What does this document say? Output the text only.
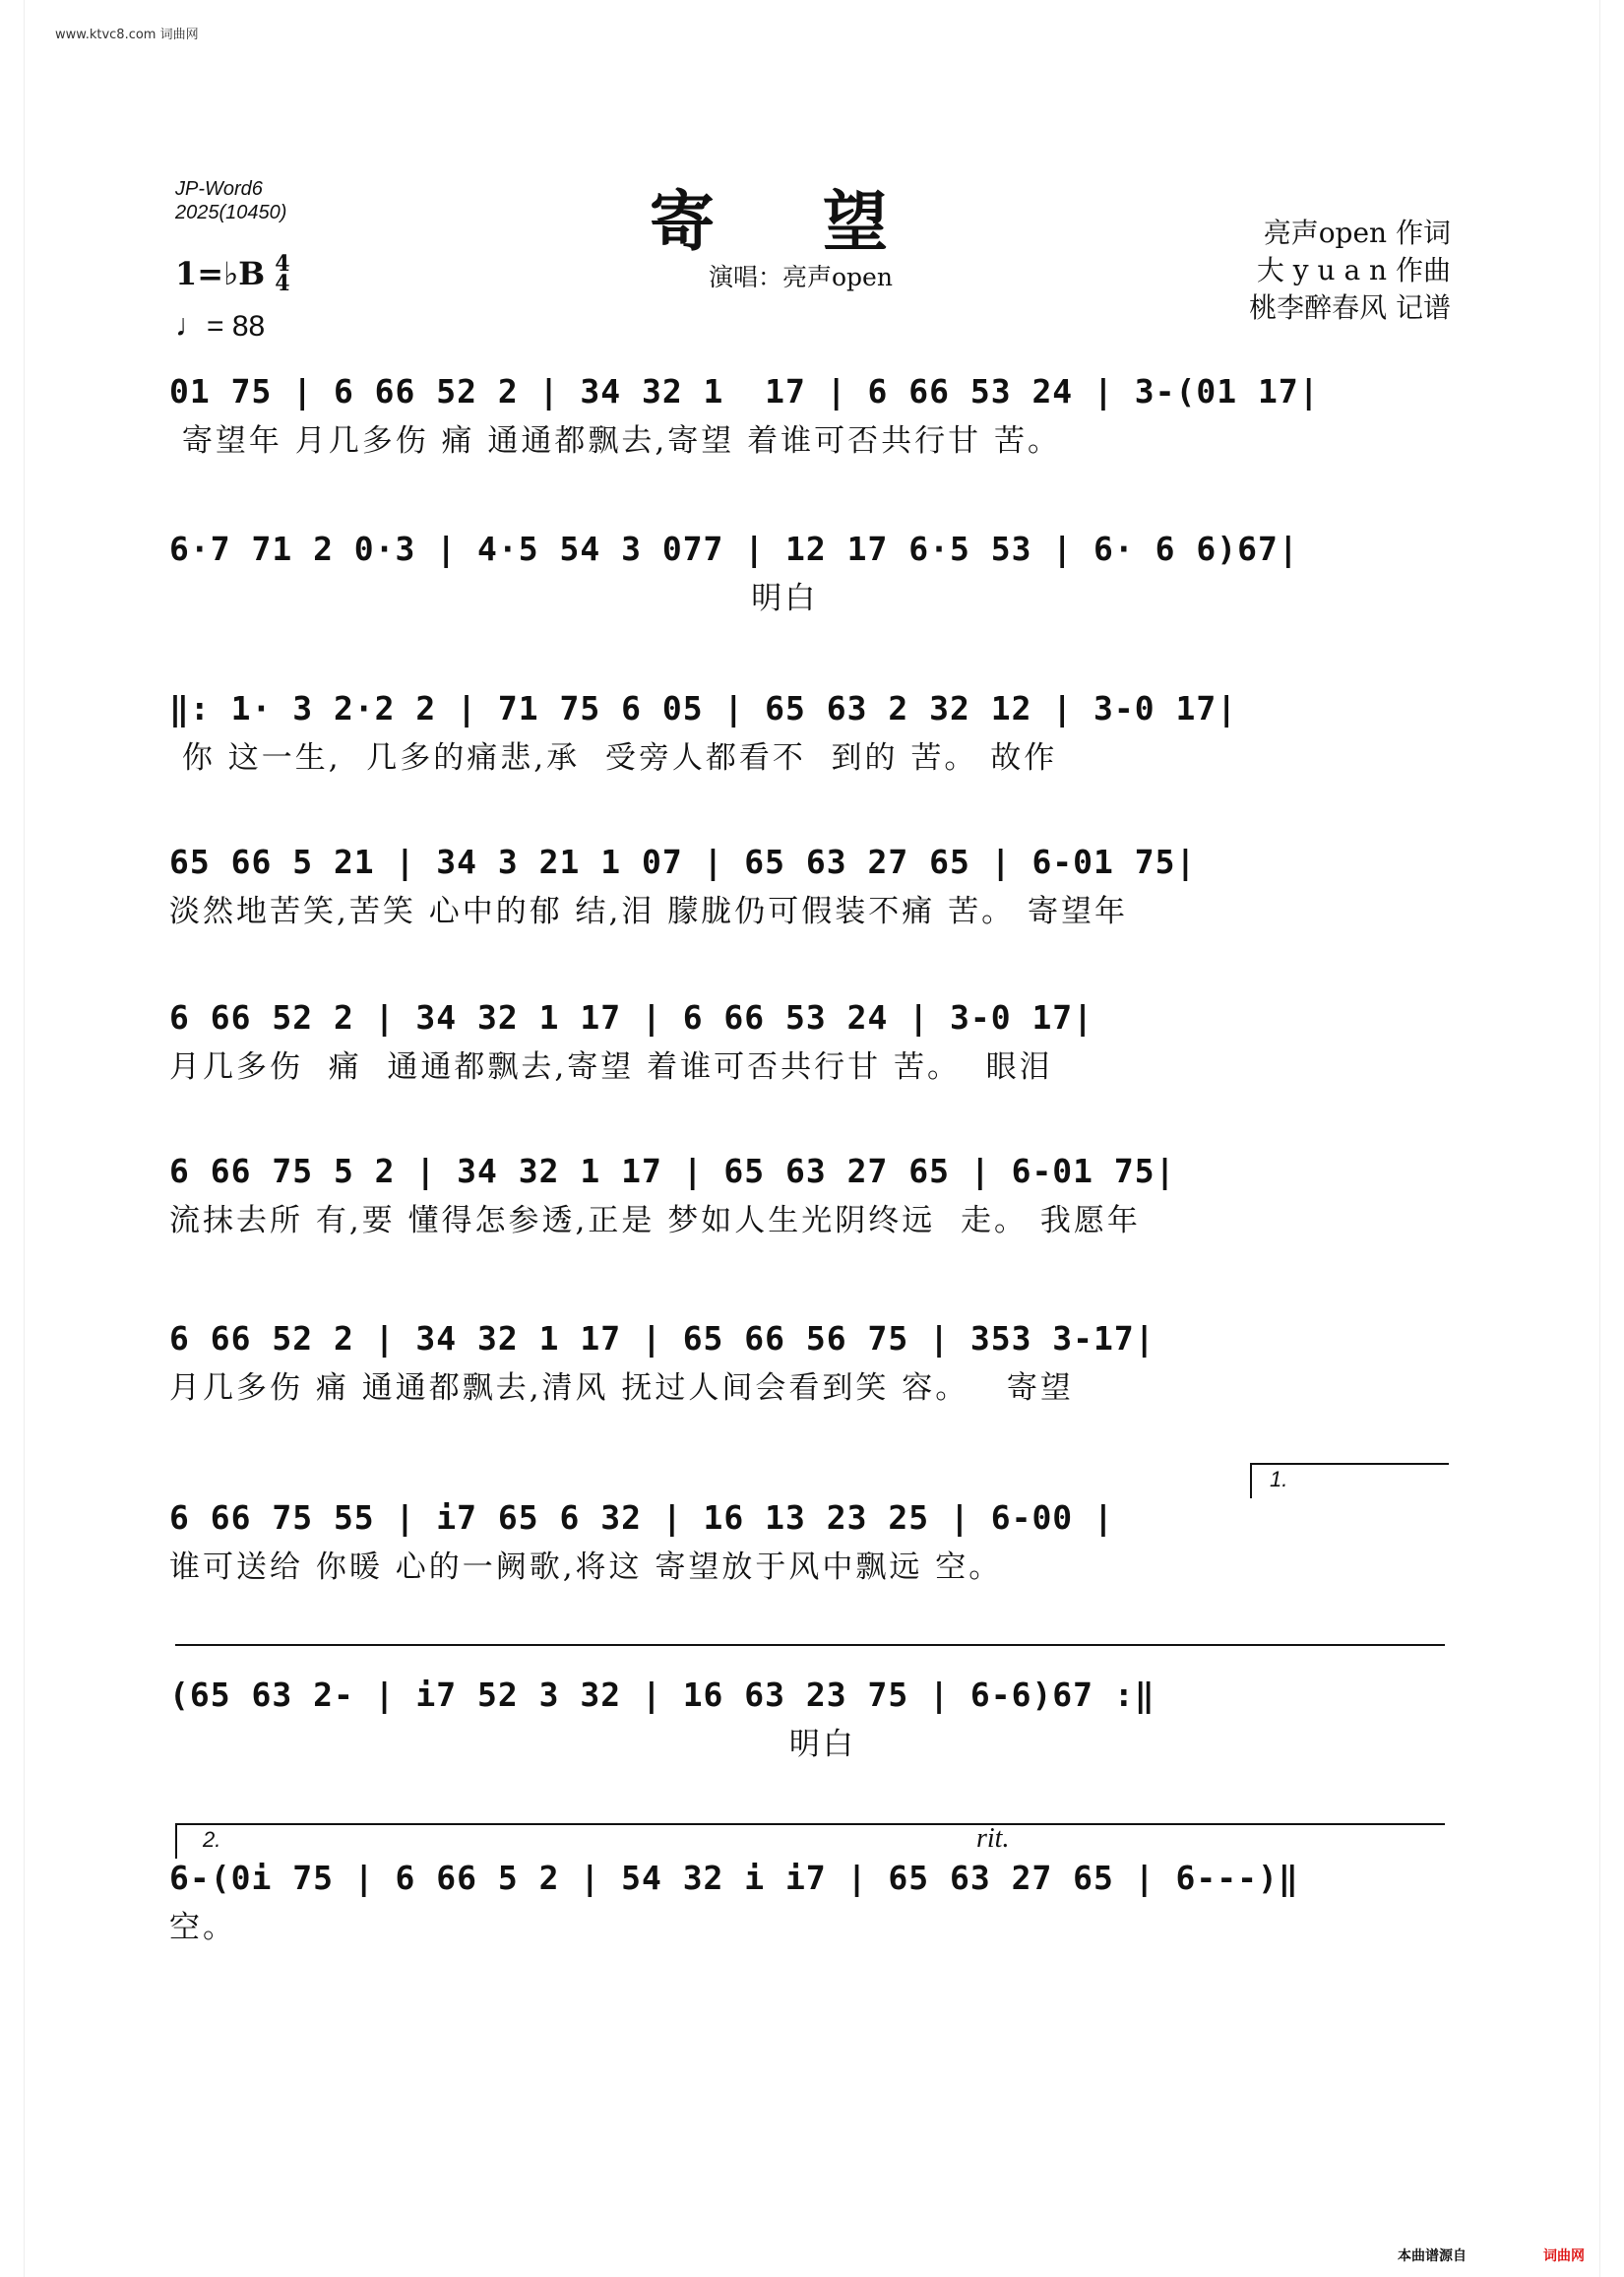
www.ktvc8.com 词曲网
JP-Word6
2025(10450)	寄望
演唱：亮声open
亮声open 作词
大 y u a n 作曲
桃李醉春风 记谱
1=♭B 4
4
♩= 88
01 75 | 6 66 52 2 | 34 32 1  17 | 6 66 53 24 | 3-(01 17|
寄望年 月几多伤 痛 通通都飘去,寄望 着谁可否共行甘 苦。
6·7 71 2 0·3 | 4·5 54 3 077 | 12 17 6·5 53 | 6· 6 6)67|
明白
‖: 1· 3 2·2 2 | 71 75 6 05 | 65 63 2 32 12 | 3-0 17|
你 这一生,  几多的痛悲,承  受旁人都看不  到的 苦。 故作
65 66 5 21 | 34 3 21 1 07 | 65 63 27 65 | 6-01 75|
淡然地苦笑,苦笑 心中的郁 结,泪 朦胧仍可假装不痛 苦。 寄望年
6 66 52 2 | 34 32 1 17 | 6 66 53 24 | 3-0 17|
月几多伤  痛  通通都飘去,寄望 着谁可否共行甘 苦。  眼泪
6 66 75 5 2 | 34 32 1 17 | 65 63 27 65 | 6-01 75|
流抹去所 有,要 懂得怎参透,正是 梦如人生光阴终远  走。 我愿年
6 66 52 2 | 34 32 1 17 | 65 66 56 75 | 353 3-17|
月几多伤 痛 通通都飘去,清风 抚过人间会看到笑 容。   寄望
1.
6 66 75 55 | i7 65 6 32 | 16 13 23 25 | 6-00 |
谁可送给 你暖 心的一阙歌,将这 寄望放于风中飘远 空。
(65 63 2- | i7 52 3 32 | 16 63 23 75 | 6-6)67 :‖
明白
2.	rit.
6-(0i 75 | 6 66 5 2 | 54 32 i i7 | 65 63 27 65 | 6---)‖
空。
本曲谱源自	词曲网
